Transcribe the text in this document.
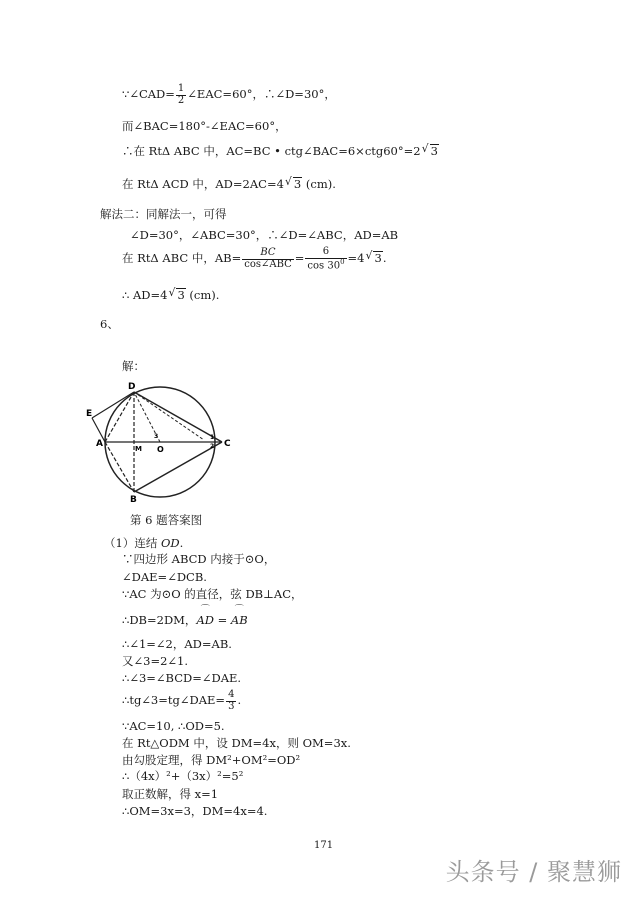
∵∠CAD= $\frac{1}{2}$ ∠EAC=60°，∴∠D=30°，
而∠BAC=180°-∠EAC=60°，
∴在 RtΔ ABC 中，AC=BC • ctg∠BAC=6×ctg60°=2√ 3
在 RtΔ ACD 中，AD=2AC=4√ 3 (cm).
解法二：同解法一，可得
∠D=30°，∠ABC=30°，∴∠D=∠ABC，AD=AB
在 RtΔ ABC 中，$AB= \frac{BC}{\text{cos∠ABC}} = \frac{6}{\cos 30^0} =4√$ 3.
∴ AD=4√ 3 (cm).
6、
解：
D
E
A	M O
C
B
1
2
3
第 6 题答案图
（1）连结 OD.
∵四边形 ABCD 内接于⊙O，
∠DAE=∠DCB.
∵AC 为⊙O 的直径，弦 DB⊥AC，
∴DB=2DM，⌒ AD = ⌒ AB
∴∠1=∠2，AD=AB.
又∠3=2∠1.
∴∠3=∠BCD=∠DAE.
∴tg∠3=tg∠DAE= $\frac{4}{3}$ .
∵AC=10, ∴OD=5.
在 Rt△ODM 中，设 DM=4x，则 OM=3x.
由勾股定理，得 DM²+OM²=OD²
∴（4x）²+（3x）²=5²
取正数解，得 x=1
∴OM=3x=3，DM=4x=4.
171
头条号 / 聚慧狮
